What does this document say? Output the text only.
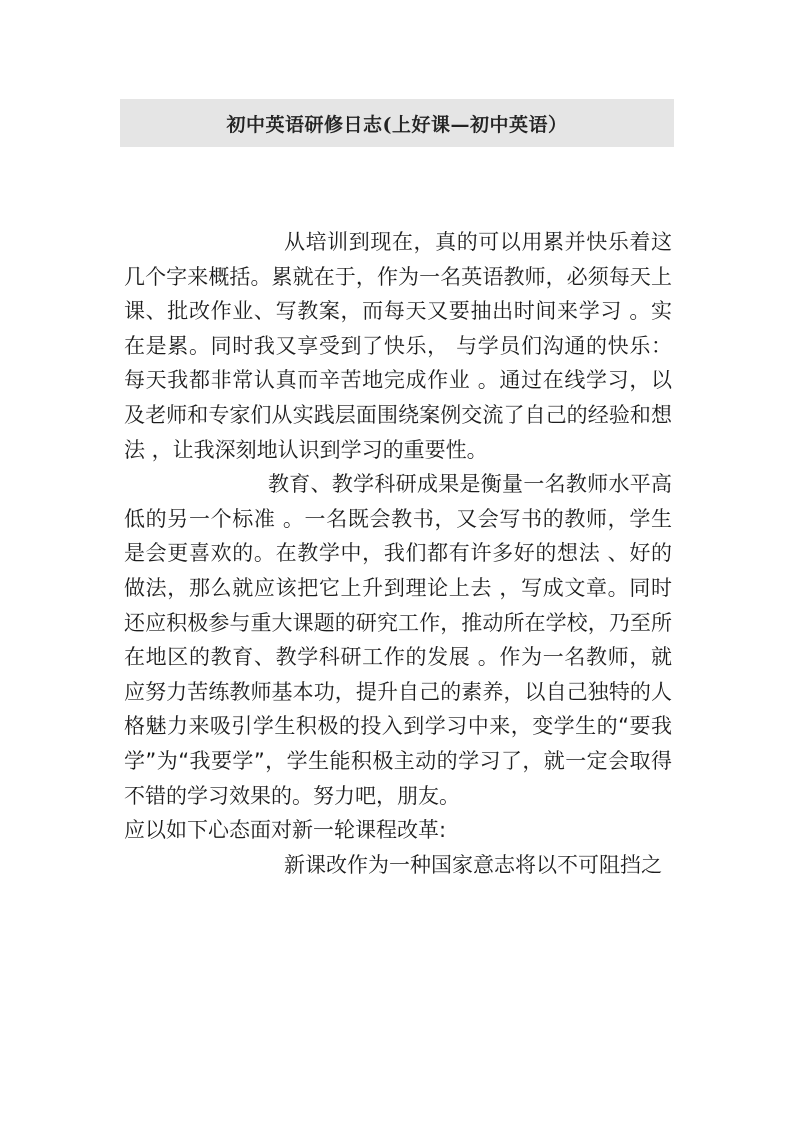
初中英语研修日志(上好课—初中英语）

从培训到现在，真的可以用累并快乐着这几个字来概括。累就在于，作为一名英语教师，必须每天上课、批改作业、写教案，而每天又要抽出时间来学习 。实在是累。同时我又享受到了快乐， 与学员们沟通的快乐：每天我都非常认真而辛苦地完成作业 。通过在线学习，以及老师和专家们从实践层面围绕案例交流了自己的经验和想法 ，让我深刻地认识到学习的重要性。

教育、教学科研成果是衡量一名教师水平高低的另一个标准 。一名既会教书，又会写书的教师，学生是会更喜欢的。在教学中，我们都有许多好的想法 、好的做法，那么就应该把它上升到理论上去 ，写成文章。同时还应积极参与重大课题的研究工作，推动所在学校，乃至所在地区的教育、教学科研工作的发展 。作为一名教师，就应努力苦练教师基本功，提升自己的素养，以自己独特的人格魅力来吸引学生积极的投入到学习中来，变学生的“要我学”为“我要学”，学生能积极主动的学习了，就一定会取得不错的学习效果的。努力吧，朋友。

应以如下心态面对新一轮课程改革:

新课改作为一种国家意志将以不可阻挡之
